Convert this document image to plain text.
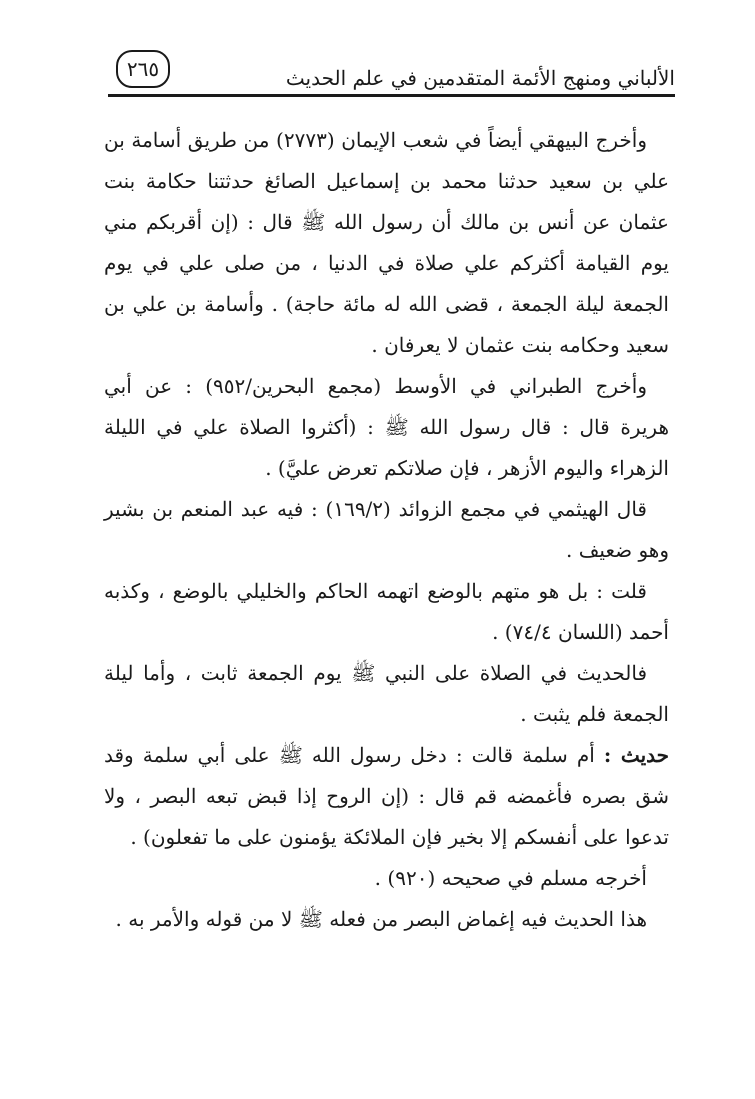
الألباني ومنهج الأئمة المتقدمين في علم الحديث
٢٦٥

وأخرج البيهقي أيضاً في شعب الإيمان (٢٧٧٣) من طريق أسامة بن علي بن سعيد حدثنا محمد بن إسماعيل الصائغ حدثتنا حكامة بنت عثمان عن أنس بن مالك أن رسول الله ﷺ قال : (إن أقربكم مني يوم القيامة أكثركم علي صلاة في الدنيا ، من صلى علي في يوم الجمعة لیلة الجمعة ، قضى الله له مائة حاجة) . وأسامة بن علي بن سعيد وحكامه بنت عثمان لا يعرفان .

وأخرج الطبراني في الأوسط (مجمع البحرين/٩٥٢) : عن أبي هريرة قال : قال رسول الله ﷺ : (أكثروا الصلاة علي في الليلة الزهراء واليوم الأزهر ، فإن صلاتكم تعرض عليَّ) .

قال الهيثمي في مجمع الزوائد (١٦٩/٢) : فيه عبد المنعم بن بشير وهو ضعيف .

قلت : بل هو متهم بالوضع اتهمه الحاكم والخليلي بالوضع ، وكذبه أحمد (اللسان ٧٤/٤) .

فالحديث في الصلاة على النبي ﷺ يوم الجمعة ثابت ، وأما ليلة الجمعة فلم يثبت .

حديث : أم سلمة قالت : دخل رسول الله ﷺ على أبي سلمة وقد شق بصره فأغمضه قم قال : (إن الروح إذا قبض تبعه البصر ، ولا تدعوا على أنفسكم إلا بخير فإن الملائكة يؤمنون على ما تفعلون) .

أخرجه مسلم في صحيحه (٩٢٠) .

هذا الحديث فيه إغماض البصر من فعله ﷺ لا من قوله والأمر به .
